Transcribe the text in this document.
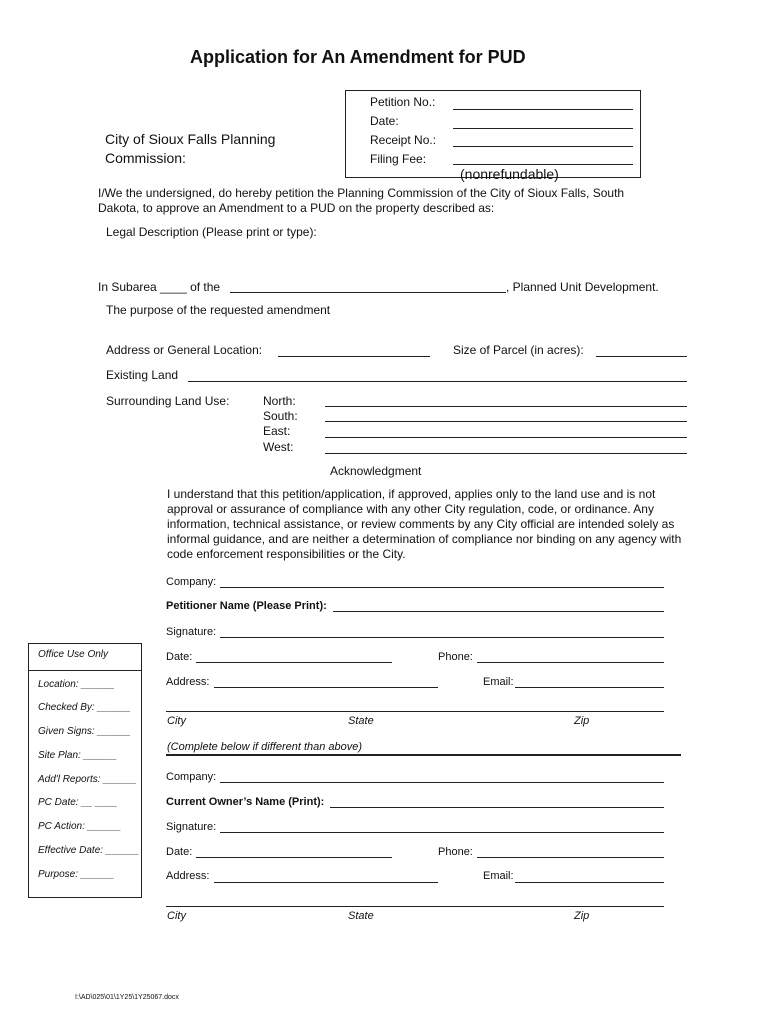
Application for An Amendment for PUD
City of Sioux Falls Planning Commission:
Petition No.:
Date:
Receipt No.:
Filing Fee:
(nonrefundable)
I/We the undersigned, do hereby petition the Planning Commission of the City of Sioux Falls, South Dakota, to approve an Amendment to a PUD on the property described as:
Legal Description (Please print or type):
In Subarea ____ of the	, Planned Unit Development.
The purpose of the requested amendment
Address or General Location:	Size of Parcel (in acres):
Existing Land
Surrounding Land Use:	North:
South:
East:
West:
Acknowledgment
I understand that this petition/application, if approved, applies only to the land use and is not approval or assurance of compliance with any other City regulation, code, or ordinance. Any information, technical assistance, or review comments by any City official are intended solely as informal guidance, and are neither a determination of compliance nor binding on any agency with code enforcement responsibilities or the City.
Company:
Petitioner Name (Please Print):
Signature:
Date:	Phone:
Address:	Email:
City	State	Zip
(Complete below if different than above)
Company:
Current Owner’s Name (Print):
Signature:
Date:	Phone:
Address:	Email:
City	State	Zip
Office Use Only
Location: ______
Checked By: ______
Given Signs: ______
Site Plan: ______
Add'l Reports: ______
PC Date: __ ____
PC Action: ______
Effective Date: ______
Purpose: ______
I:\AD\025\01\1Y25\1Y25067.docx
